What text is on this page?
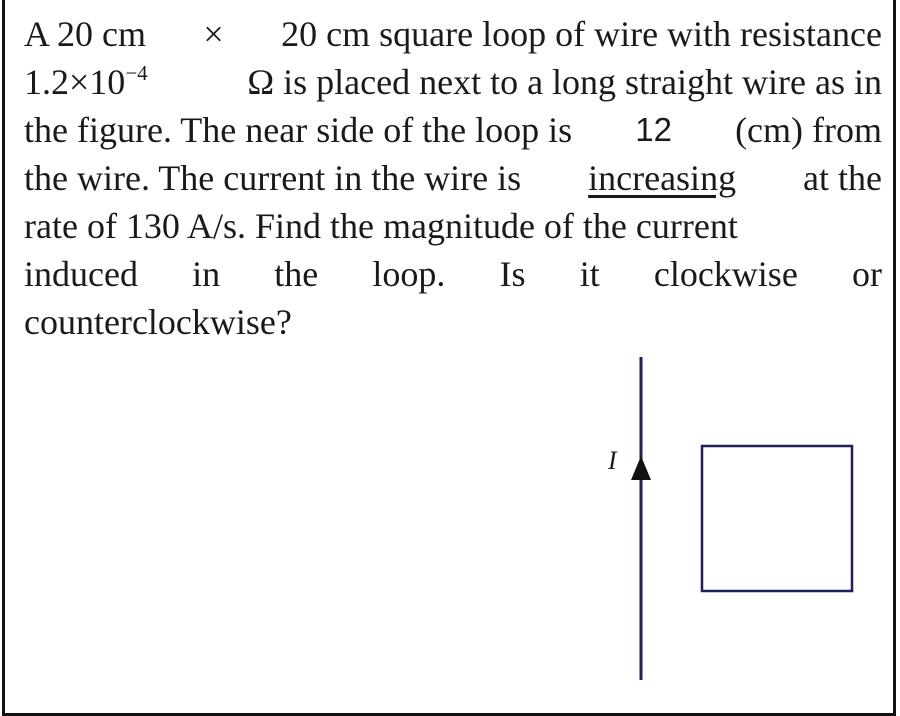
A 20 cm × 20 cm square loop of wire with resistance
1.2×10−4	Ω is placed next to a long straight wire as in
the figure. The near side of the loop is 12 (cm) from
the wire. The current in the wire is increasing at the
rate of 130 A/s. Find the magnitude of the current
induced in the loop. Is it clockwise or
counterclockwise?
I
